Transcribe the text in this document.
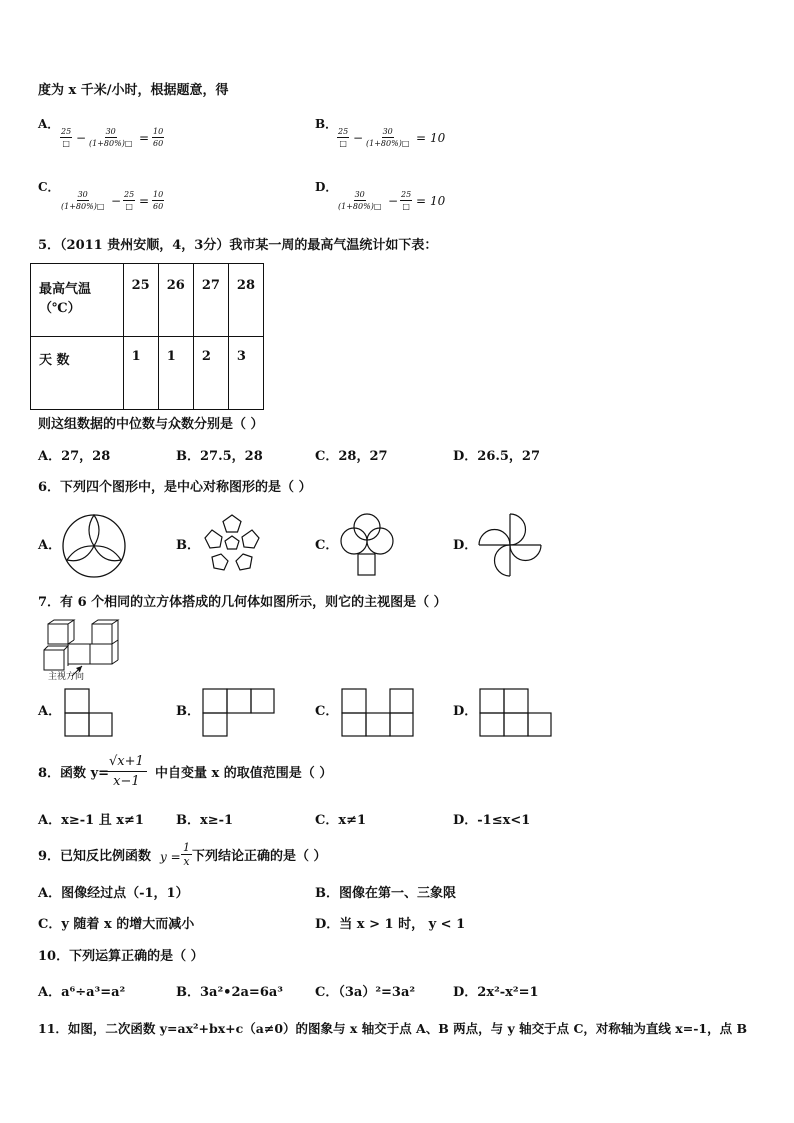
度为 x 千米/小时，根据题意，得
A．
25
□ − $\frac{30}{(1+80\%)□} = \frac{10}{60}$
B．
25
□ − $\frac{30}{(1+80\%)□} = 10$
C．
$\frac{30}{(1+80\%)□} - 25$
□ = $\frac{10}{60}$
D．
$\frac{30}{(1+80\%)□} - 25$
□ = 10
5．（2011 贵州安顺，4，3分）我市某一周的最高气温统计如下表：
最高气温（℃）	25	26	27	28
天 数	1	1	2	3
则这组数据的中位数与众数分别是（ ）
A．27，28	B．27.5，28	C．28，27	D．26.5，27
6．下列四个图形中，是中心对称图形的是（ ）
A．	B．	C．	D．
7．有 6 个相同的立方体搭成的几何体如图所示，则它的主视图是（ ）
主视方向
A．	B．	C．	D．
8．函数 y=
√x+1
x−1
中自变量 x 的取值范围是（ ）
A．x≥-1 且 x≠1 B．x≥-1	C．x≠1	D．-1≤x<1
9．已知反比例函数 y =
1
x 下列结论正确的是（ ）
A．图像经过点（-1，1）	B．图像在第一、三象限
C．y 随着 x 的增大而减小	D．当 x > 1 时， y < 1
10．下列运算正确的是（ ）
A．a⁶÷a³=a²	B．3a²•2a=6a³ C．（3a）²=3a²	D．2x²-x²=1
11．如图，二次函数 y=ax²+bx+c（a≠0）的图象与 x 轴交于点 A、B 两点，与 y 轴交于点 C，对称轴为直线 x=-1，点 B
